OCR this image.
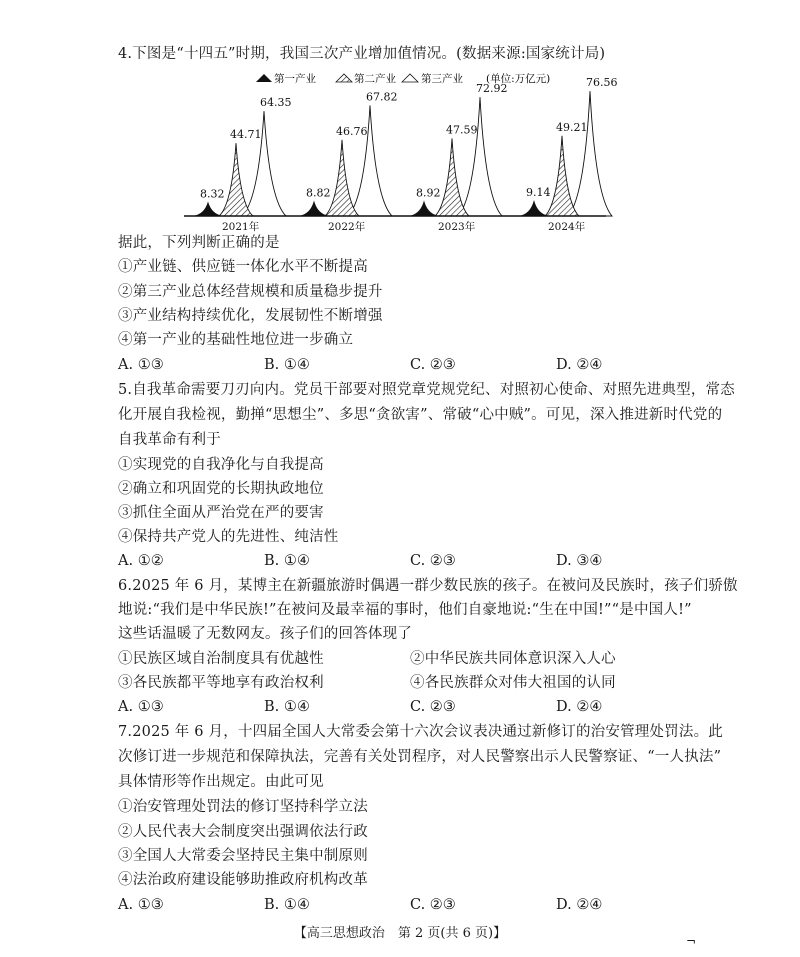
4.下图是“十四五”时期，我国三次产业增加值情况。(数据来源:国家统计局)
第一产业	第二产业 第三产业 (单位:万亿元)
64.35
44.71
8.32
2021年
67.82
46.76
8.82
2022年
72.92
47.59
8.92
2023年
76.56
49.21
9.14
2024年
据此，下列判断正确的是
①产业链、供应链一体化水平不断提高
②第三产业总体经营规模和质量稳步提升
③产业结构持续优化，发展韧性不断增强
④第一产业的基础性地位进一步确立
A. ①③	B. ①④	C. ②③	D. ②④
5.自我革命需要刀刃向内。党员干部要对照党章党规党纪、对照初心使命、对照先进典型，常态
化开展自我检视，勤掸“思想尘”、多思“贪欲害”、常破“心中贼”。可见，深入推进新时代党的
自我革命有利于
①实现党的自我净化与自我提高
②确立和巩固党的长期执政地位
③抓住全面从严治党在严的要害
④保持共产党人的先进性、纯洁性
A. ①②	B. ①④	C. ②③	D. ③④
6.2025 年 6 月，某博主在新疆旅游时偶遇一群少数民族的孩子。在被问及民族时，孩子们骄傲
地说:“我们是中华民族!”在被问及最幸福的事时，他们自豪地说:“生在中国!”“是中国人!”
这些话温暖了无数网友。孩子们的回答体现了
①民族区域自治制度具有优越性	②中华民族共同体意识深入人心
③各民族都平等地享有政治权利	④各民族群众对伟大祖国的认同
A. ①③	B. ①④	C. ②③	D. ②④
7.2025 年 6 月，十四届全国人大常委会第十六次会议表决通过新修订的治安管理处罚法。此
次修订进一步规范和保障执法，完善有关处罚程序，对人民警察出示人民警察证、“一人执法”
具体情形等作出规定。由此可见
①治安管理处罚法的修订坚持科学立法
②人民代表大会制度突出强调依法行政
③全国人大常委会坚持民主集中制原则
④法治政府建设能够助推政府机构改革
A. ①③	B. ①④	C. ②③	D. ②④
【高三思想政治　第 2 页(共 6 页)】	¬
